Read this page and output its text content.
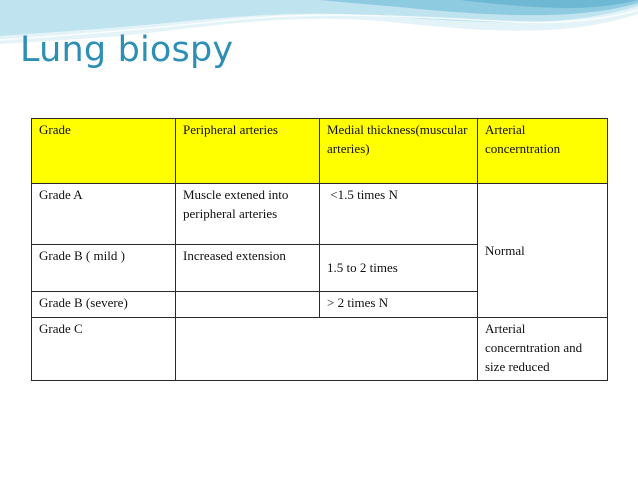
Lung biospy
Grade	Peripheral arteries	Medial thickness(muscular arteries)	Arterial concerntration
Grade A	Muscle extened into peripheral arteries	<1.5 times N	Normal
Grade B ( mild )	Increased extension	1.5 to 2 times	
Grade B (severe)		> 2 times N	
Grade C			Arterial concerntration and size reduced
